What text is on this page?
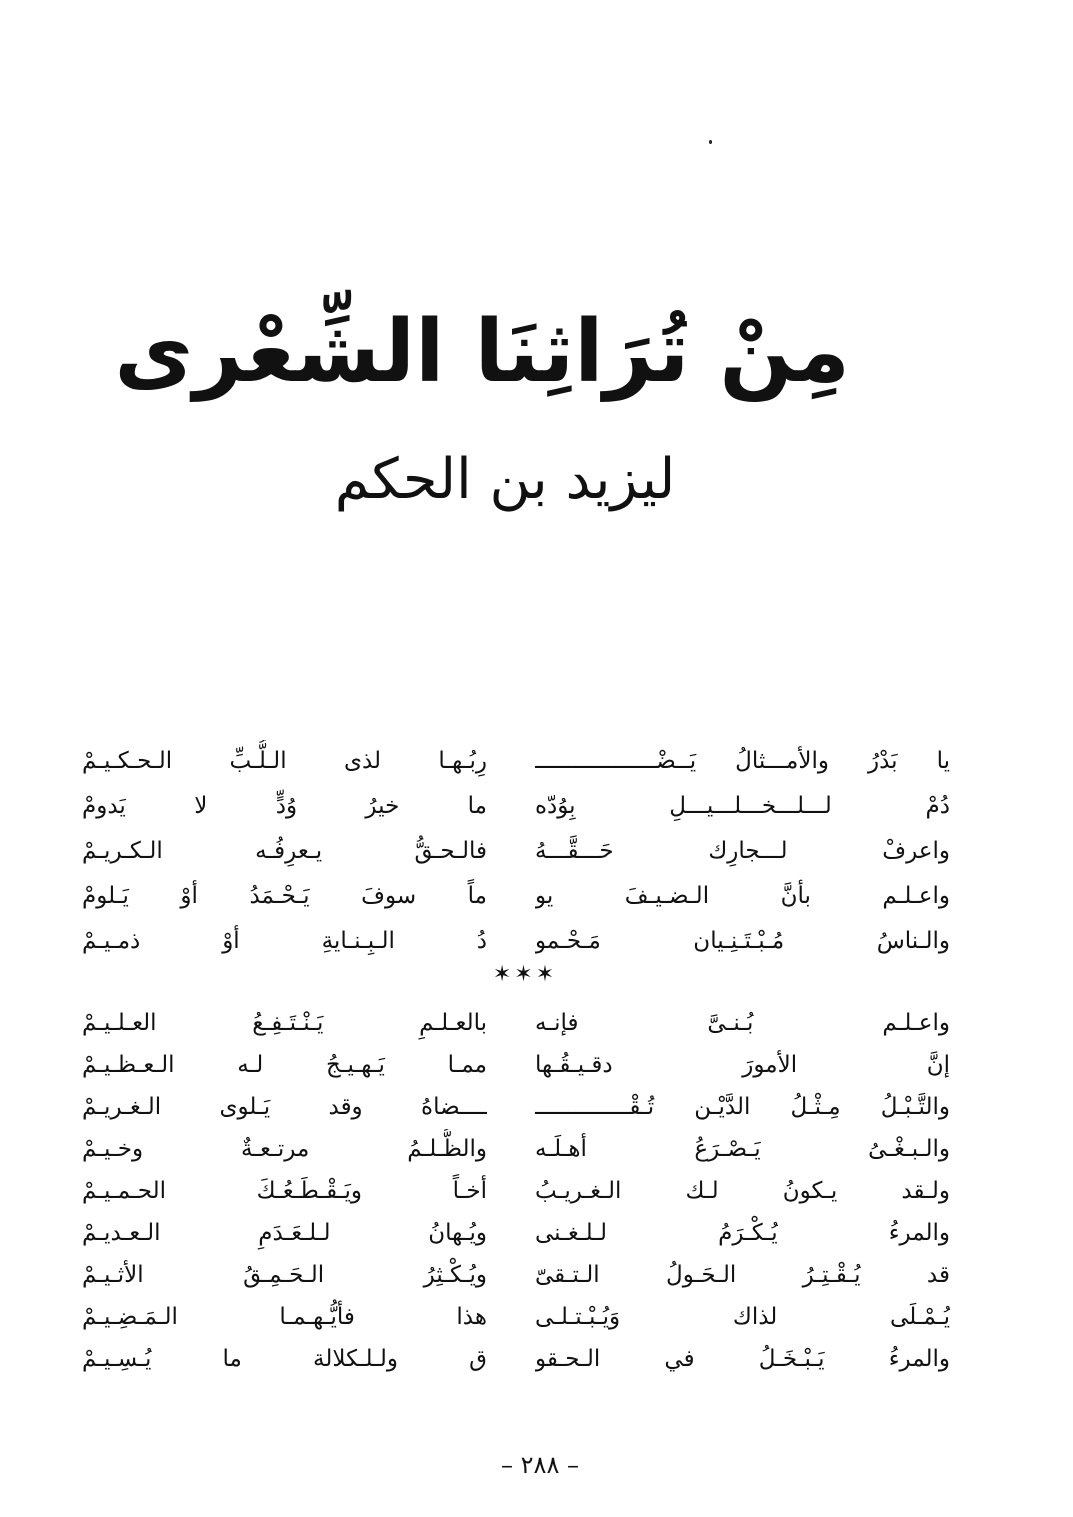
مِنْ تُرَاثِنَا الشِّعْرى
ليزيد بن الحكم
يا بَدْرُ والأمـــثالُ يَــضْــــــــــــــــــ
رِبُـهـا لذى الـلُّـبِّ الـحـكـيـمْ
دُمْ لـــلـــخـــلـــيـــلِ بِوُدّه
ما خيرُ وُدٍّ لا يَدومْ
واعرفْ لـــجارِك حَـــقَّـــهُ
فالـحـقُّ يـعرِفُـه الـكـريـمْ
واعـلـم بأنَّ الـضـيـفَ يو
ماً سوفَ يَـحْـمَدُ أوْ يَـلومْ
والـناسُ مُـبْـتَـنِـيان مَـحْـمو
دُ الـبِـنـايةِ أوْ ذمـيـمْ
✶✶✶
واعـلـم بُـنـىَّ فإنـه
بالعـلـمِ يَـنْـتَـفِـعُ العـلـيـمْ
إنَّ الأمورَ دقـيـقُـها
ممـا يَـهـيـجُ لـه الـعـظـيـمْ
والتَّـبْـلُ مِـثْـلُ الدَّيْـن تُـقْــــــــــــــ
ــــضاهُ وقد يَـلوى الـغـريـمْ
والـبـغْـىُ يَـصْـرَعُ أهـلَـه
والظُّـلـمُ مرتـعـةٌ وخـيـمْ
ولـقد يـكونُ لـك الـغـريـبُ
أخـاً ويَـقْـطَـعُـكَ الحـمـيـمْ
والمرءُ يُـكْـرَمُ لـلـغـنى
ويُـهانُ لـلـعَـدَمِ الـعـديـمْ
قد يُـقْـتِـرُ الـحَـولُ الـتـقىّ
ويُـكْـثِرُ الـحَـمِـقُ الأثـيـمْ
يُـمْـلَى لذاك وَيُـبْـتـلـى
هذا فأيُّـهـمـا الـمَـضِـيـمْ
والمرءُ يَـبْـخَـلُ في الـحـقو
ق ولـلـكلالة ما يُـسِـيـمْ
– ٢٨٨ –
